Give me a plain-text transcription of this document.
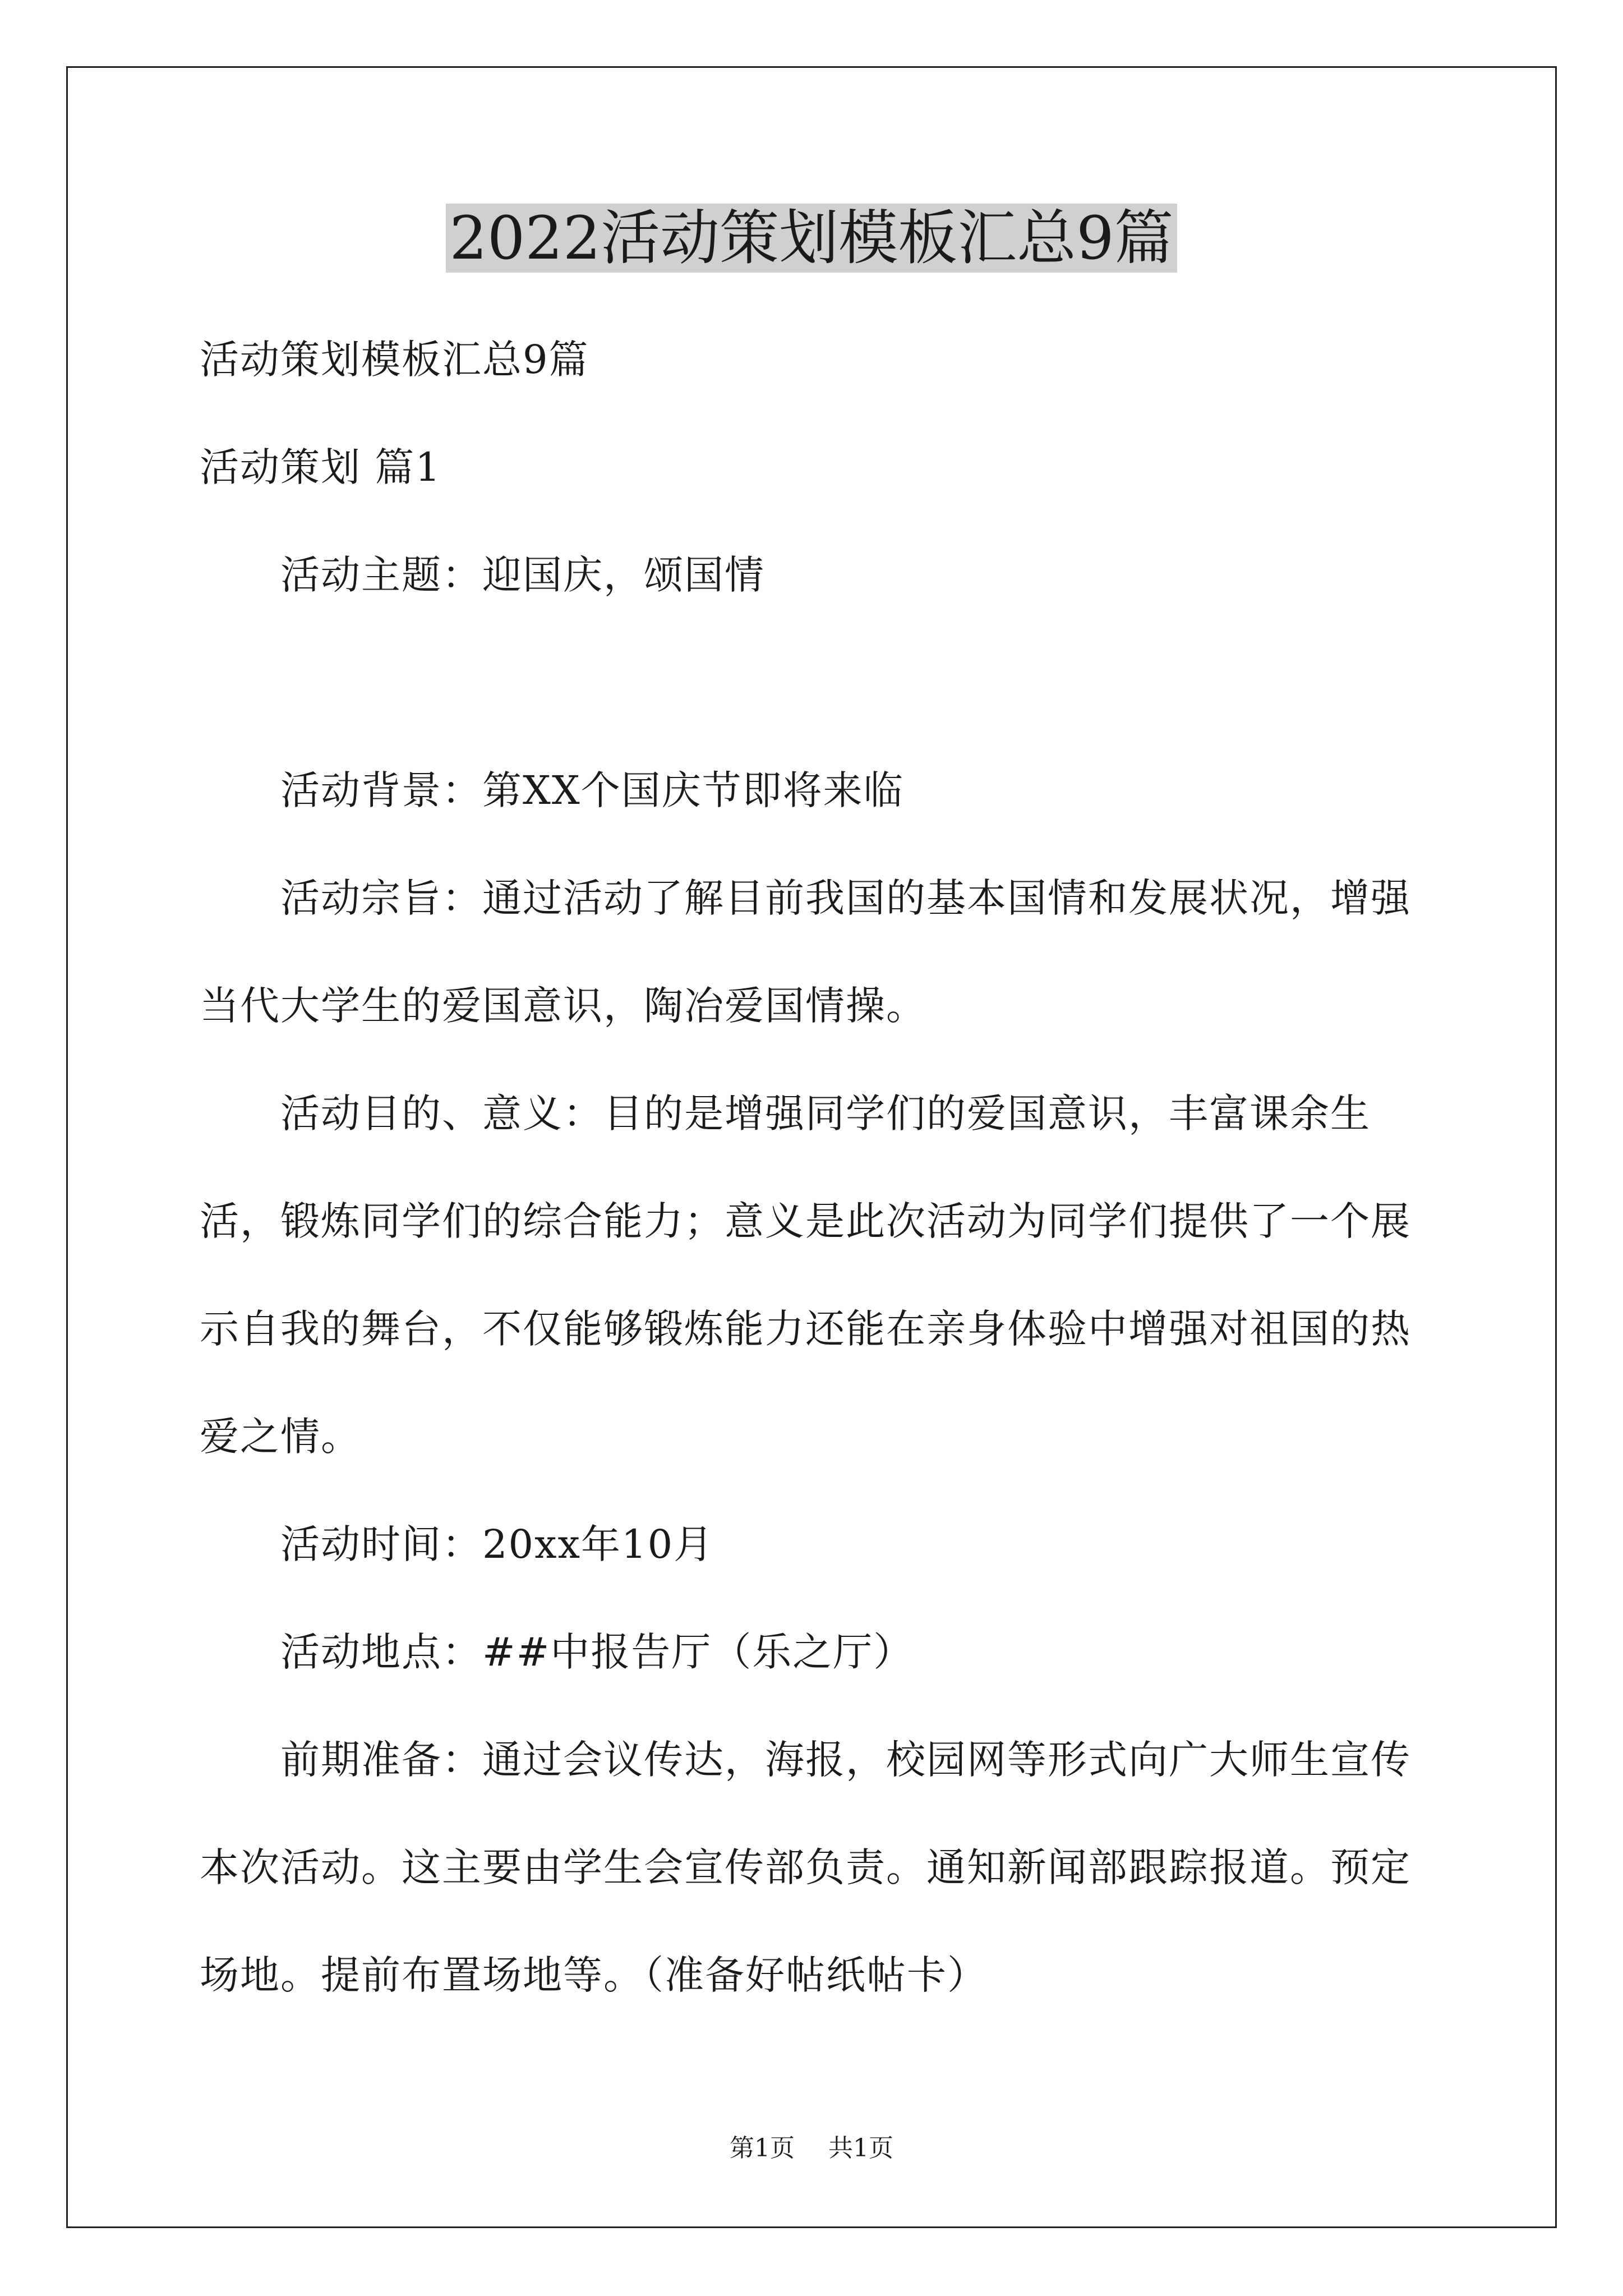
2022活动策划模板汇总9篇

活动策划模板汇总9篇

活动策划 篇1

活动主题：迎国庆，颂国情

活动背景：第XX个国庆节即将来临

活动宗旨：通过活动了解目前我国的基本国情和发展状况，增强当代大学生的爱国意识，陶冶爱国情操。

活动目的、意义：目的是增强同学们的爱国意识，丰富课余生活，锻炼同学们的综合能力；意义是此次活动为同学们提供了一个展示自我的舞台，不仅能够锻炼能力还能在亲身体验中增强对祖国的热爱之情。

活动时间：20xx年10月

活动地点：##中报告厅（乐之厅）

前期准备：通过会议传达，海报，校园网等形式向广大师生宣传本次活动。这主要由学生会宣传部负责。通知新闻部跟踪报道。预定场地。提前布置场地等。（准备好帖纸帖卡）

第1页 共1页
